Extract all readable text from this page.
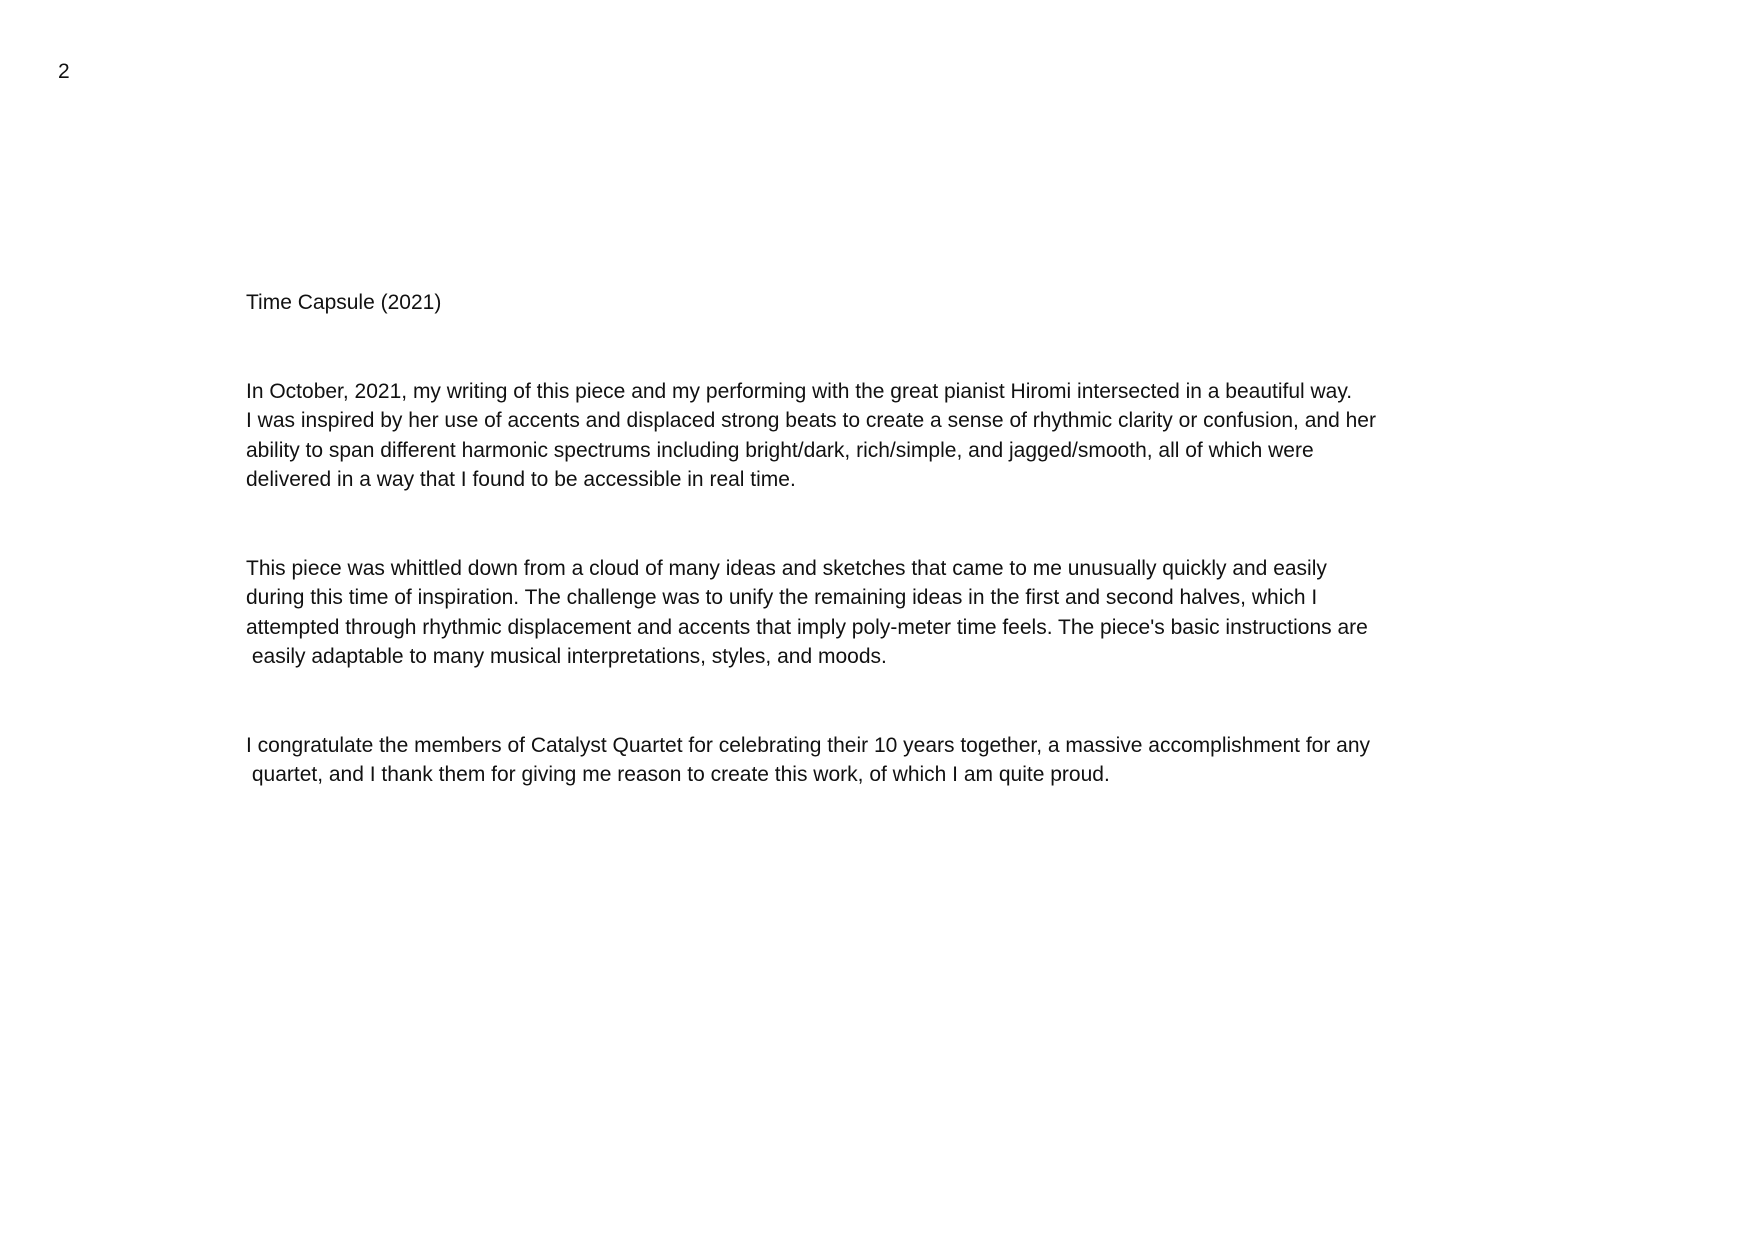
2
Time Capsule (2021)

In October, 2021, my writing of this piece and my performing with the great pianist Hiromi intersected in a beautiful way.
I was inspired by her use of accents and displaced strong beats to create a sense of rhythmic clarity or confusion, and her
ability to span different harmonic spectrums including bright/dark, rich/simple, and jagged/smooth, all of which were
delivered in a way that I found to be accessible in real time.

This piece was whittled down from a cloud of many ideas and sketches that came to me unusually quickly and easily
during this time of inspiration. The challenge was to unify the remaining ideas in the first and second halves, which I
attempted through rhythmic displacement and accents that imply poly-meter time feels. The piece's basic instructions are
easily adaptable to many musical interpretations, styles, and moods.

I congratulate the members of Catalyst Quartet for celebrating their 10 years together, a massive accomplishment for any
quartet, and I thank them for giving me reason to create this work, of which I am quite proud.
